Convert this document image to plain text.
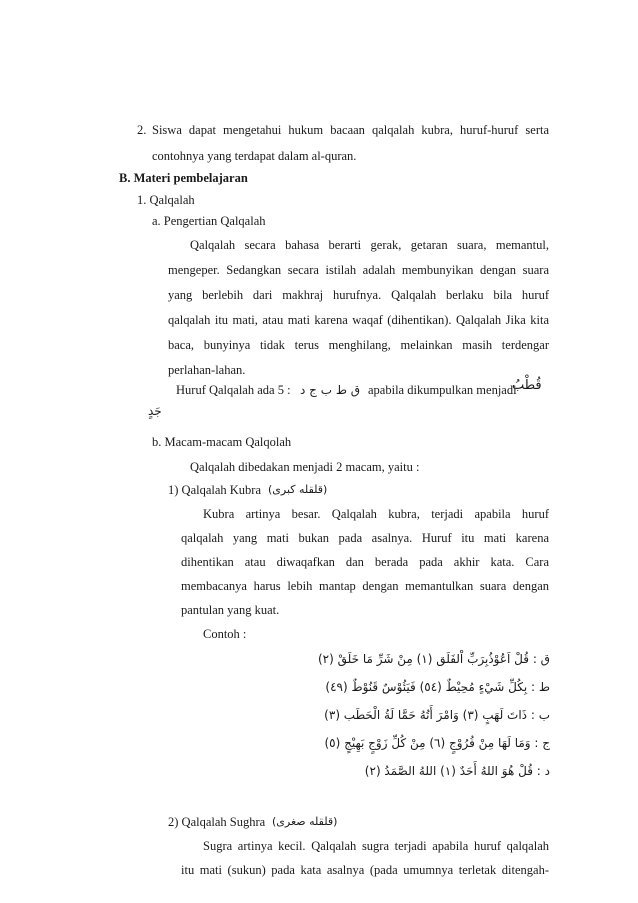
2. Siswa dapat mengetahui hukum bacaan qalqalah kubra, huruf-huruf serta
contohnya yang terdapat dalam al-quran.
B. Materi pembelajaran
1. Qalqalah
a. Pengertian Qalqalah
Qalqalah secara bahasa berarti gerak, getaran suara, memantul,
mengeper. Sedangkan secara istilah adalah membunyikan dengan suara
yang berlebih dari makhraj hurufnya. Qalqalah berlaku bila huruf
qalqalah itu mati, atau mati karena waqaf (dihentikan). Qalqalah Jika kita
baca, bunyinya tidak terus menghilang, melainkan masih terdengar
perlahan-lahan.
Huruf Qalqalah ada 5 : ق ط ب ج د apabila dikumpulkan menjadi
قُطْبُ
جَدٍ
b. Macam-macam Qalqolah
Qalqalah dibedakan menjadi 2 macam, yaitu :
1) Qalqalah Kubra (قلقله كبرى)
Kubra artinya besar. Qalqalah kubra, terjadi apabila huruf
qalqalah yang mati bukan pada asalnya. Huruf itu mati karena
dihentikan atau diwaqafkan dan berada pada akhir kata. Cara
membacanya harus lebih mantap dengan memantulkan suara dengan
pantulan yang kuat.
Contoh :
ق : قُلْ اَعُوْذُبِرَبِّ اْلفَلَق (١) مِنْ شَرِّ مَا خَلَقْ (٢)
ط : بِكُلِّ شَيْءٍ مُحِيْطٌ (٥٤) فَيَئُوْسٌ قَنُوْطٌ (٤٩)
ب : ذَاتَ لَهَبٍ (٣) وَامْرَ أَتُهُ حَمَّا لَةُ الْحَطَب (٣)
ج : وَمَا لَهَا مِنْ فُرُوْجٍ (٦) مِنْ كُلِّ زَوْجٍ بَهِيْجٍ (٥)
د : قُلْ هُوَ اللهُ أَحَدٌ (١) اللهُ الصَّمَدُ (٢)
2) Qalqalah Sughra (قلقله صغرى)
Sugra artinya kecil. Qalqalah sugra terjadi apabila huruf qalqalah
itu mati (sukun) pada kata asalnya (pada umumnya terletak ditengah-
